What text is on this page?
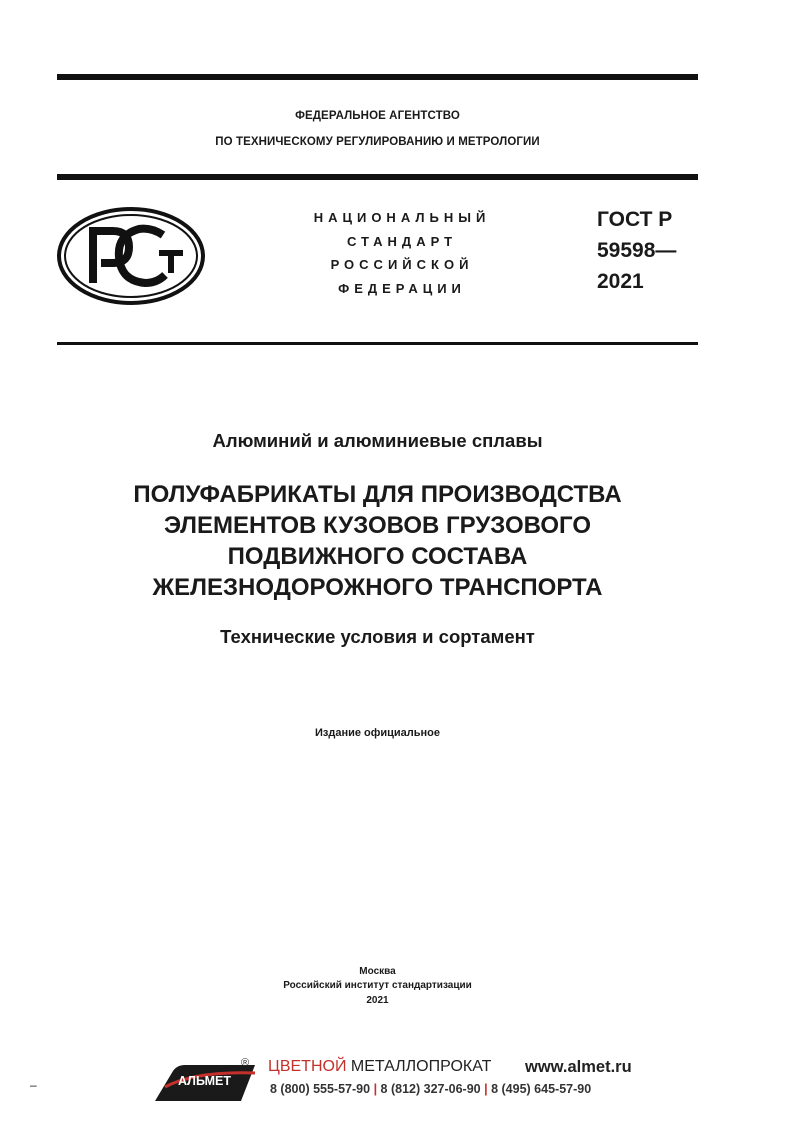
ФЕДЕРАЛЬНОЕ АГЕНТСТВО
ПО ТЕХНИЧЕСКОМУ РЕГУЛИРОВАНИЮ И МЕТРОЛОГИИ
НАЦИОНАЛЬНЫЙ
СТАНДАРТ
РОССИЙСКОЙ
ФЕДЕРАЦИИ
ГОСТ Р
59598—
2021
Алюминий и алюминиевые сплавы
ПОЛУФАБРИКАТЫ ДЛЯ ПРОИЗВОДСТВА
ЭЛЕМЕНТОВ КУЗОВОВ ГРУЗОВОГО
ПОДВИЖНОГО СОСТАВА
ЖЕЛЕЗНОДОРОЖНОГО ТРАНСПОРТА
Технические условия и сортамент
Издание официальное
Москва
Российский институт стандартизации
2021
АЛЬМЕТ
® ЦВЕТНОЙ МЕТАЛЛОПРОКАТ www.almet.ru
8 (800) 555-57-90 | 8 (812) 327-06-90 | 8 (495) 645-57-90
–
